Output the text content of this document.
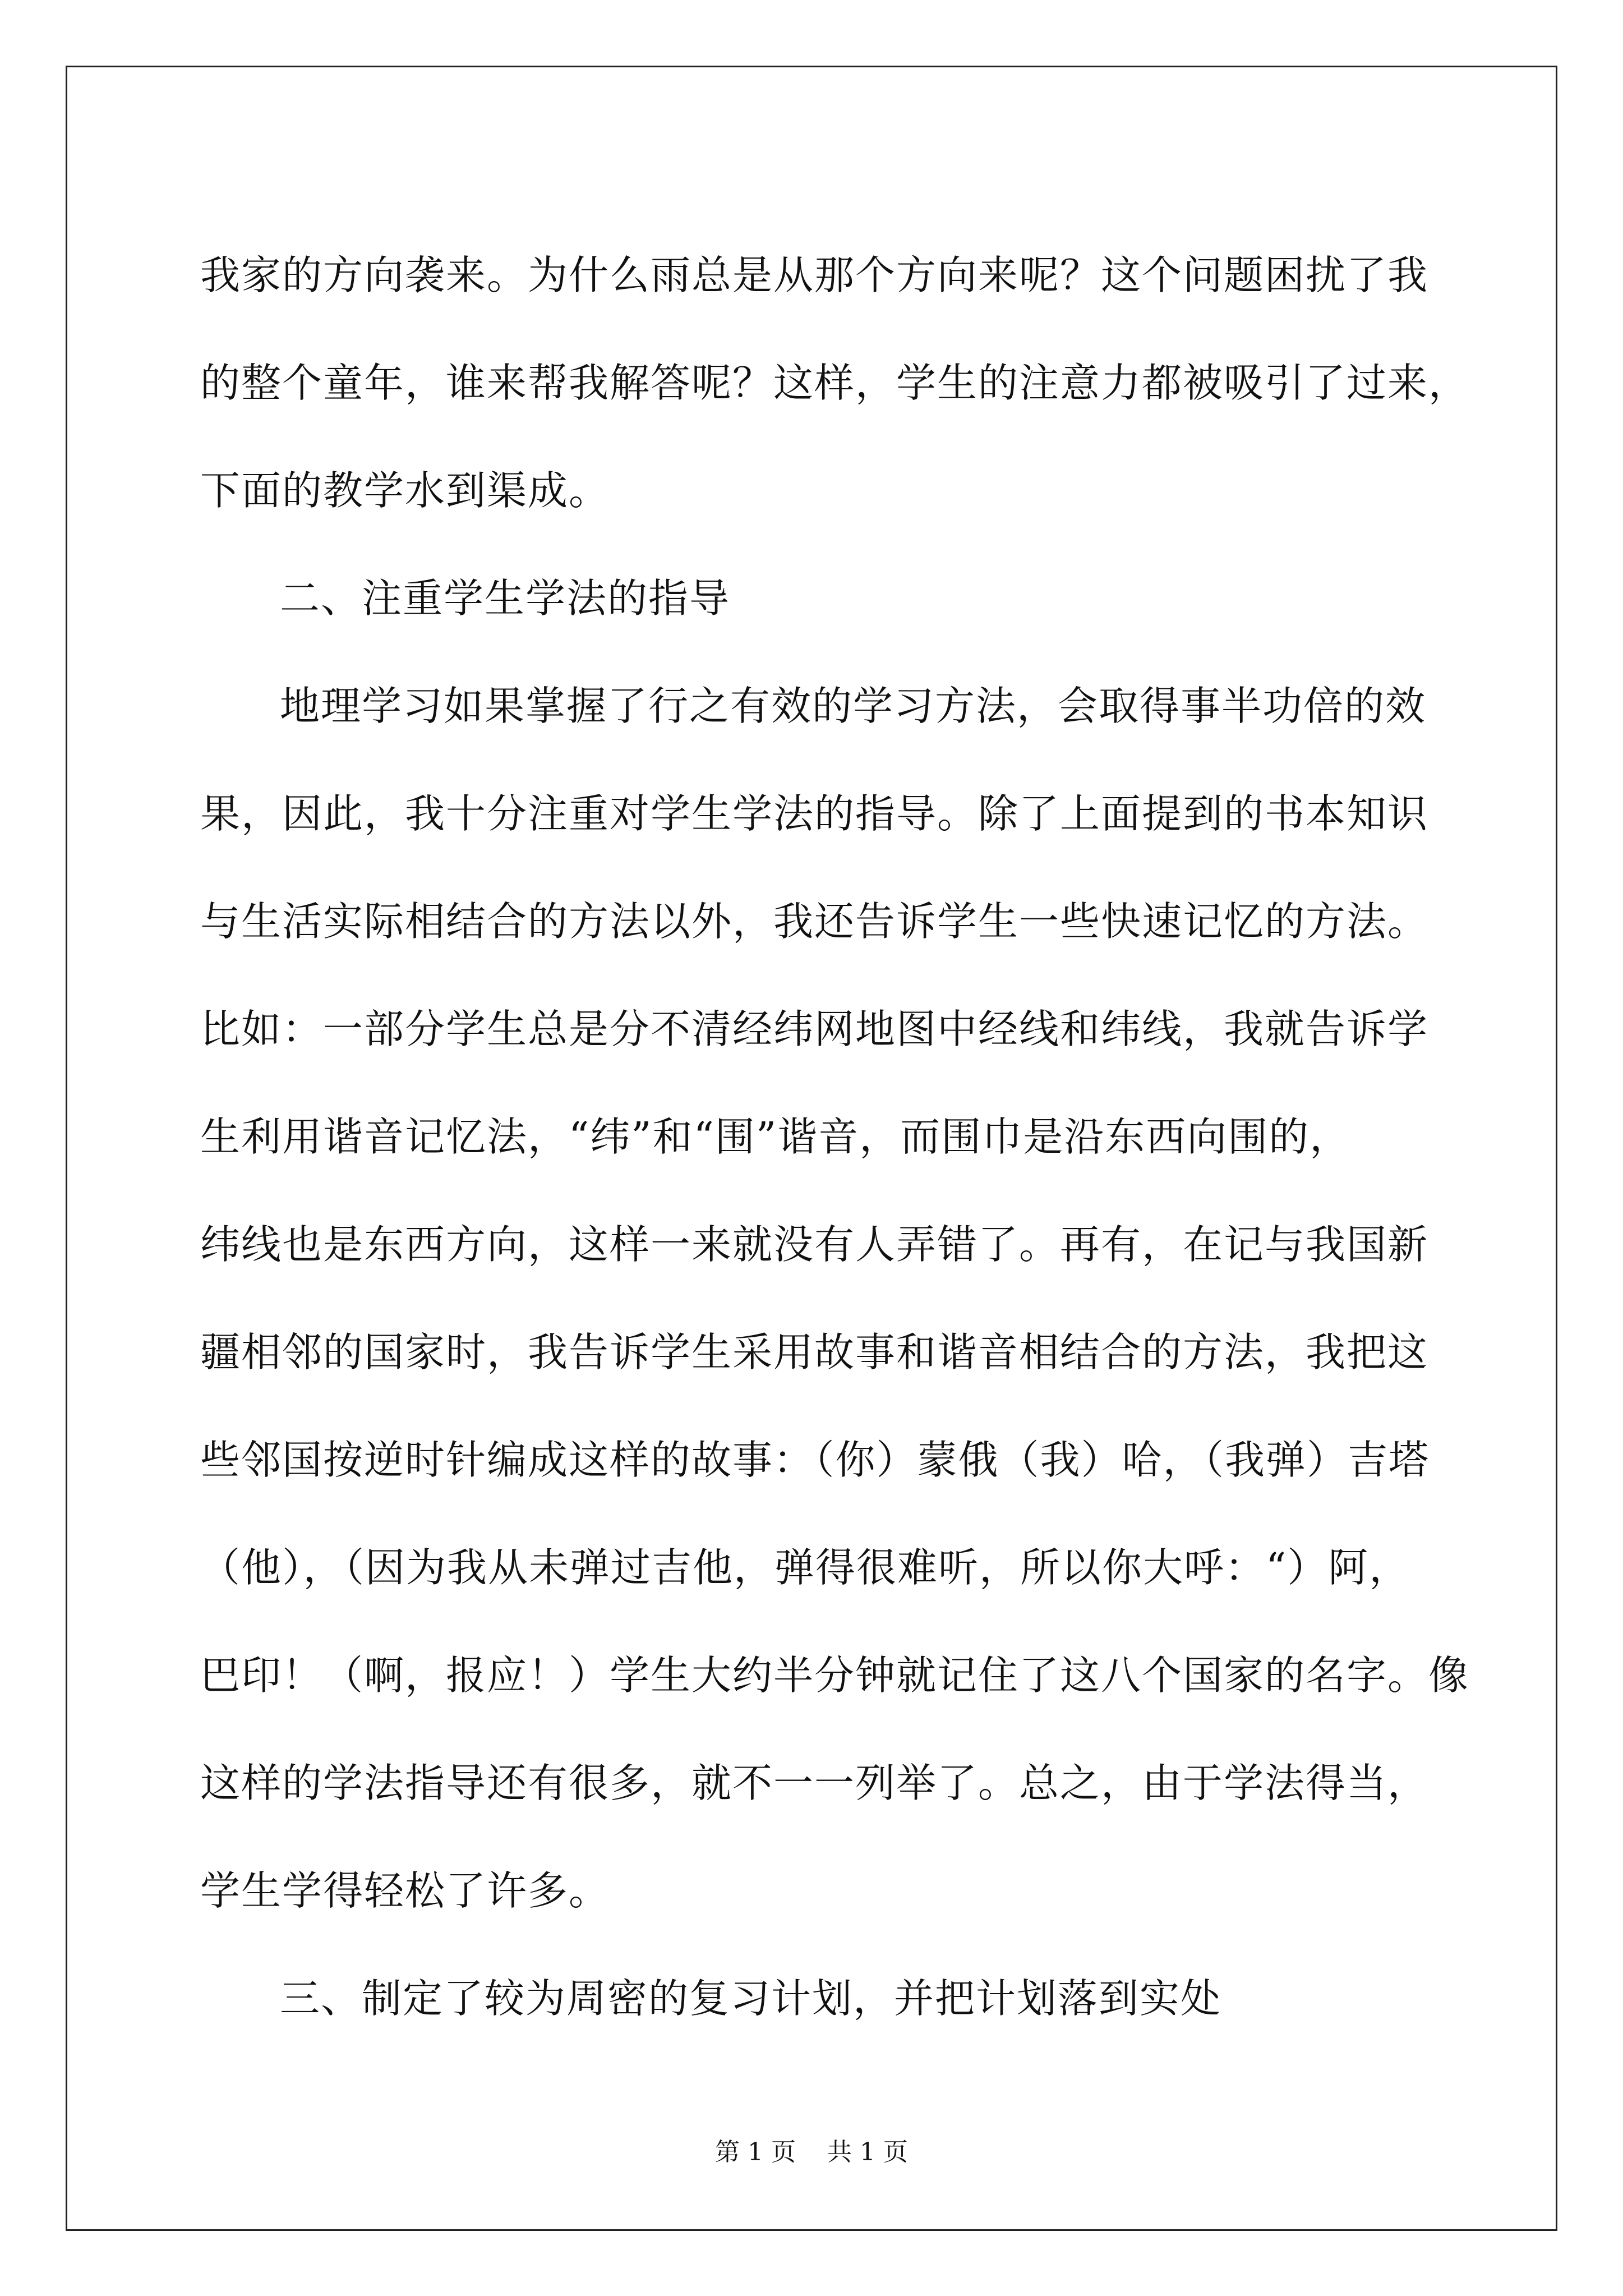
我家的方向袭来。为什么雨总是从那个方向来呢？这个问题困扰了我

的整个童年，谁来帮我解答呢？这样，学生的注意力都被吸引了过来，

下面的教学水到渠成。

二、注重学生学法的指导

地理学习如果掌握了行之有效的学习方法，会取得事半功倍的效

果，因此，我十分注重对学生学法的指导。除了上面提到的书本知识

与生活实际相结合的方法以外，我还告诉学生一些快速记忆的方法。

比如：一部分学生总是分不清经纬网地图中经线和纬线，我就告诉学

生利用谐音记忆法，“纬”和“围”谐音，而围巾是沿东西向围的，

纬线也是东西方向，这样一来就没有人弄错了。再有，在记与我国新

疆相邻的国家时，我告诉学生采用故事和谐音相结合的方法，我把这

些邻国按逆时针编成这样的故事：（你）蒙俄（我）哈，（我弹）吉塔

（他），（因为我从未弹过吉他，弹得很难听，所以你大呼：“）阿，

巴印！（啊，报应！）学生大约半分钟就记住了这八个国家的名字。像

这样的学法指导还有很多，就不一一列举了。总之，由于学法得当，

学生学得轻松了许多。

三、制定了较为周密的复习计划，并把计划落到实处

第 1 页    共 1 页
